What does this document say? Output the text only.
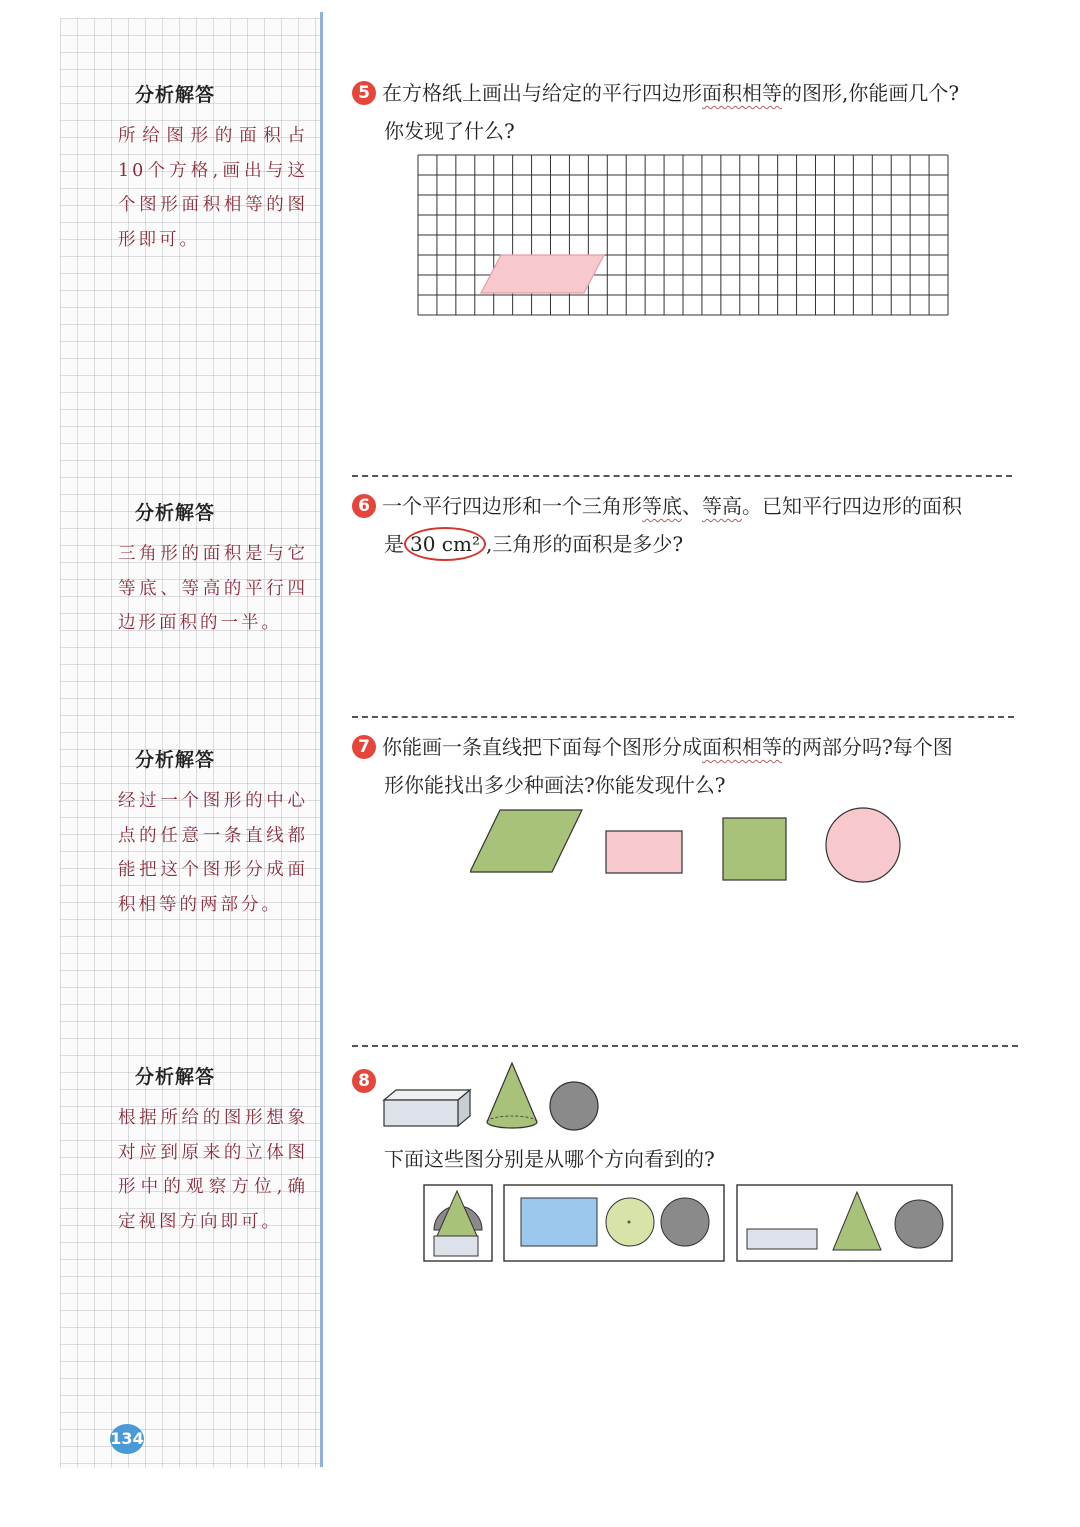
分析解答
所给图形的面积占10个方格,画出与这个图形面积相等的图形即可。
分析解答
三角形的面积是与它等底、等高的平行四边形面积的一半。
分析解答
经过一个图形的中心点的任意一条直线都能把这个图形分成面积相等的两部分。
分析解答
根据所给的图形想象对应到原来的立体图形中的观察方位,确定视图方向即可。
5 在方格纸上画出与给定的平行四边形面积相等的图形,你能画几个?
你发现了什么?
6 一个平行四边形和一个三角形等底、等高。已知平行四边形的面积
是 30 cm² ,三角形的面积是多少?
7 你能画一条直线把下面每个图形分成面积相等的两部分吗?每个图
形你能找出多少种画法?你能发现什么?
8
下面这些图分别是从哪个方向看到的?
134
